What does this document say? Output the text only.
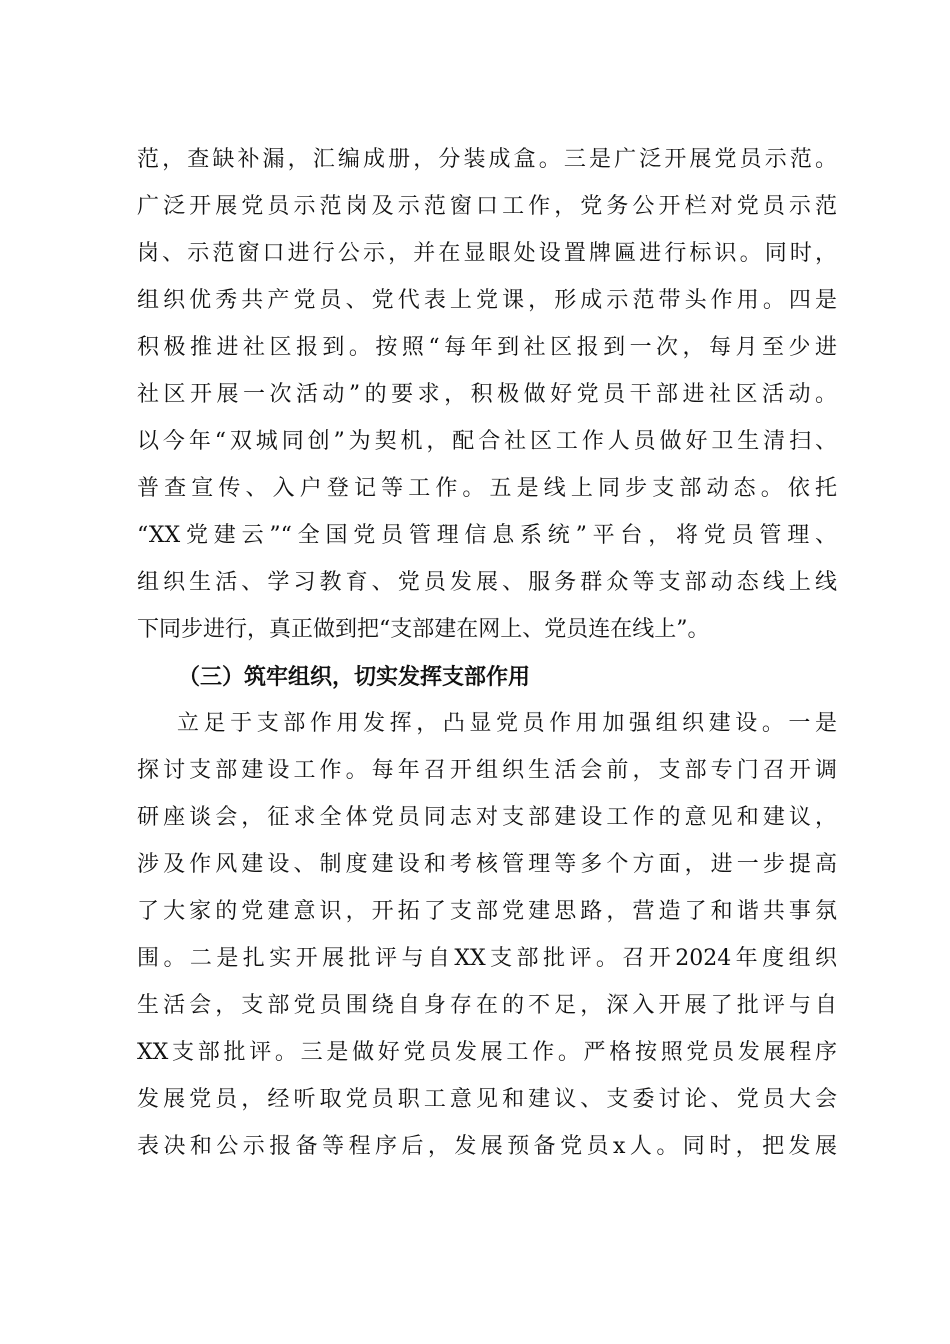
范，查缺补漏，汇编成册，分装成盒。三是广泛开展党员示范。
广泛开展党员示范岗及示范窗口工作，党务公开栏对党员示范
岗、示范窗口进行公示，并在显眼处设置牌匾进行标识。同时，
组织优秀共产党员、党代表上党课，形成示范带头作用。四是
积极推进社区报到。按照“每年到社区报到一次，每月至少进
社区开展一次活动”的要求，积极做好党员干部进社区活动。
以今年“双城同创”为契机，配合社区工作人员做好卫生清扫、
普查宣传、入户登记等工作。五是线上同步支部动态。依托
“XX党建云”“全国党员管理信息系统”平台，将党员管理、
组织生活、学习教育、党员发展、服务群众等支部动态线上线
下同步进行，真正做到把“支部建在网上、党员连在线上”。
（三）筑牢组织，切实发挥支部作用
立足于支部作用发挥，凸显党员作用加强组织建设。一是
探讨支部建设工作。每年召开组织生活会前，支部专门召开调
研座谈会，征求全体党员同志对支部建设工作的意见和建议，
涉及作风建设、制度建设和考核管理等多个方面，进一步提高
了大家的党建意识，开拓了支部党建思路，营造了和谐共事氛
围。二是扎实开展批评与自XX支部批评。召开2024年度组织
生活会，支部党员围绕自身存在的不足，深入开展了批评与自
XX支部批评。三是做好党员发展工作。严格按照党员发展程序
发展党员，经听取党员职工意见和建议、支委讨论、党员大会
表决和公示报备等程序后，发展预备党员x人。同时，把发展
